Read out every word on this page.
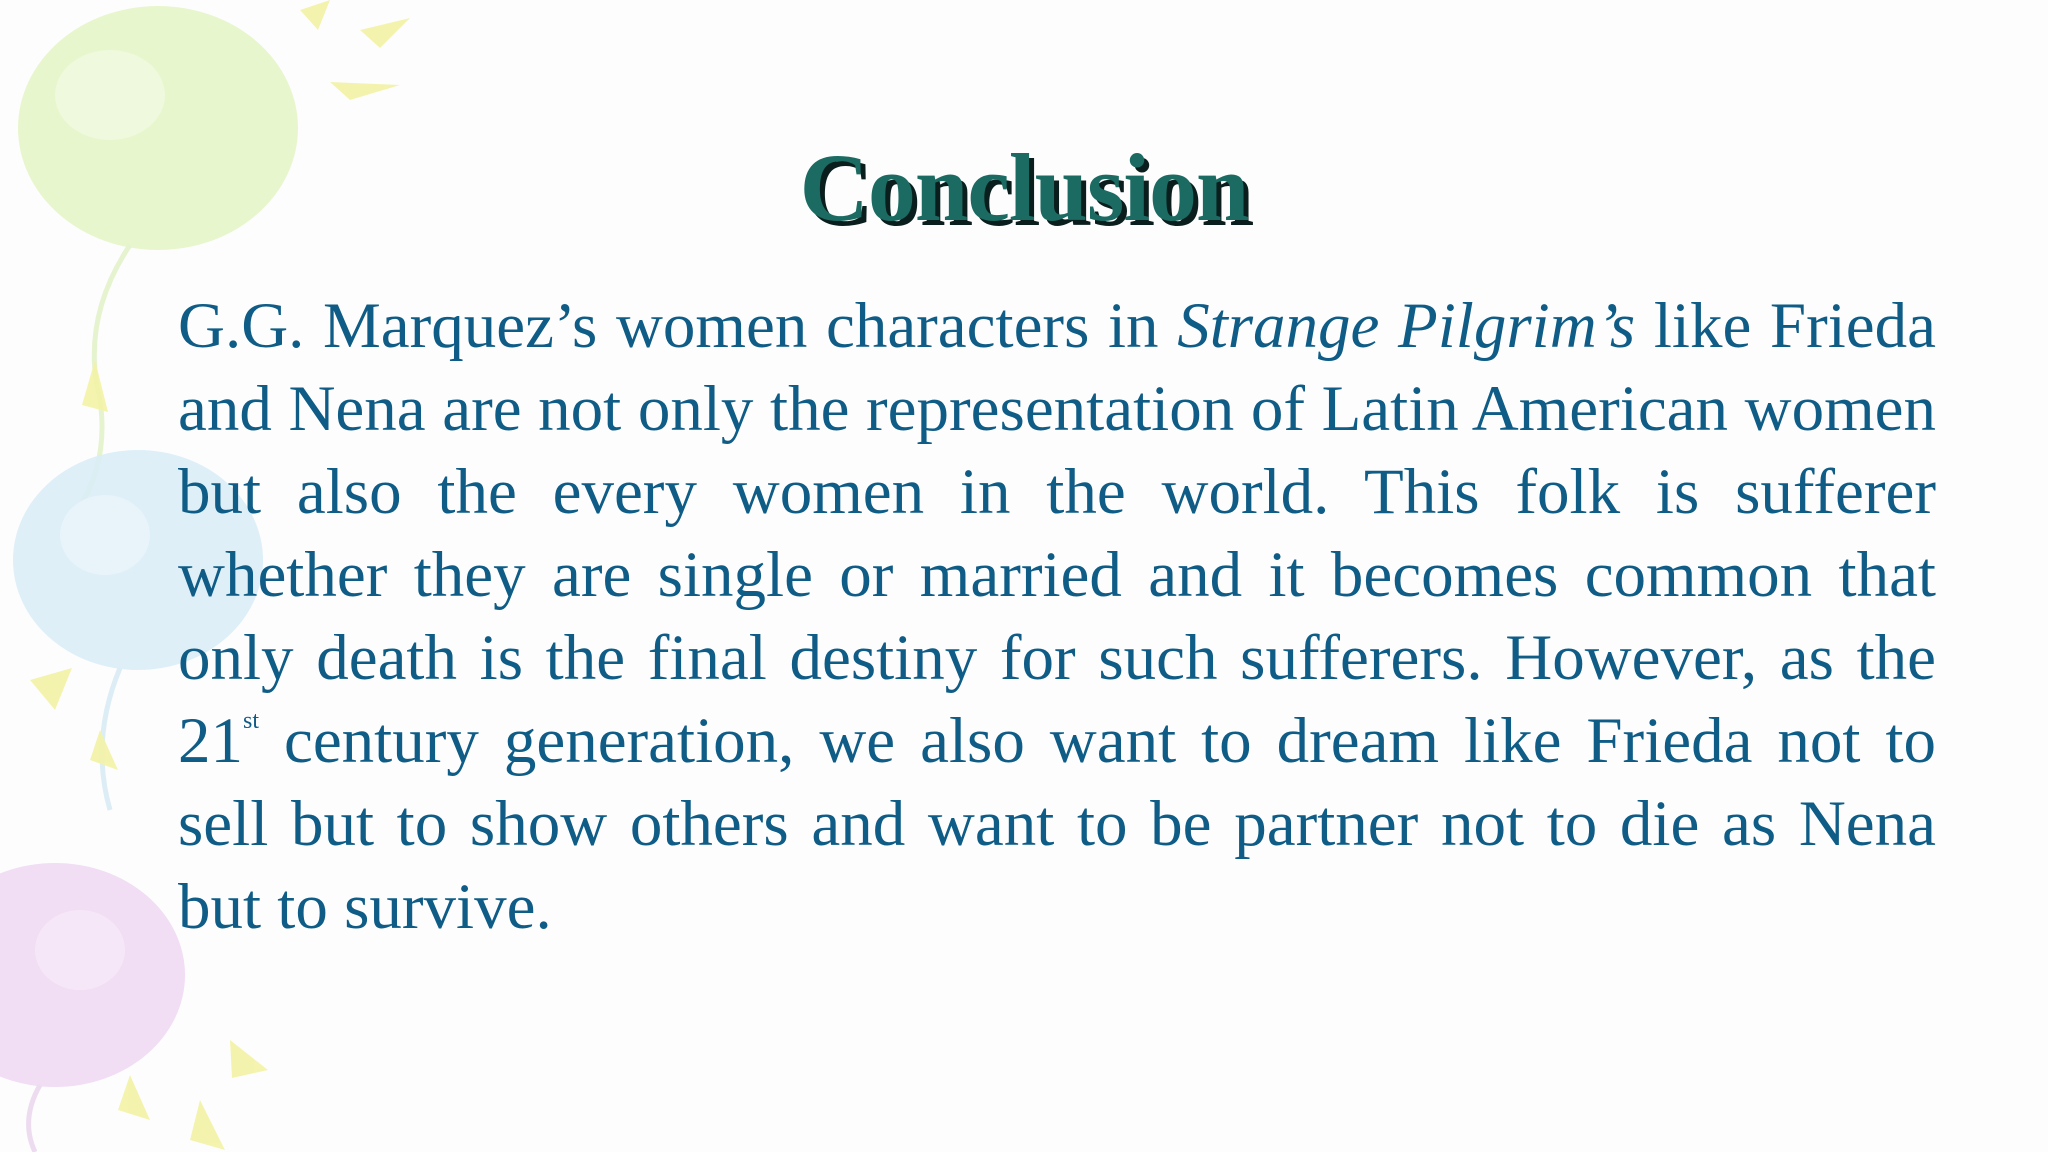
Conclusion

G.G. Marquez’s women characters in Strange Pilgrim’s like Frieda and Nena are not only the representation of Latin American women but also the every women in the world. This folk is sufferer whether they are single or married and it becomes common that only death is the final destiny for such sufferers. However, as the 21st century generation, we also want to dream like Frieda not to sell but to show others and want to be partner not to die as Nena but to survive.
